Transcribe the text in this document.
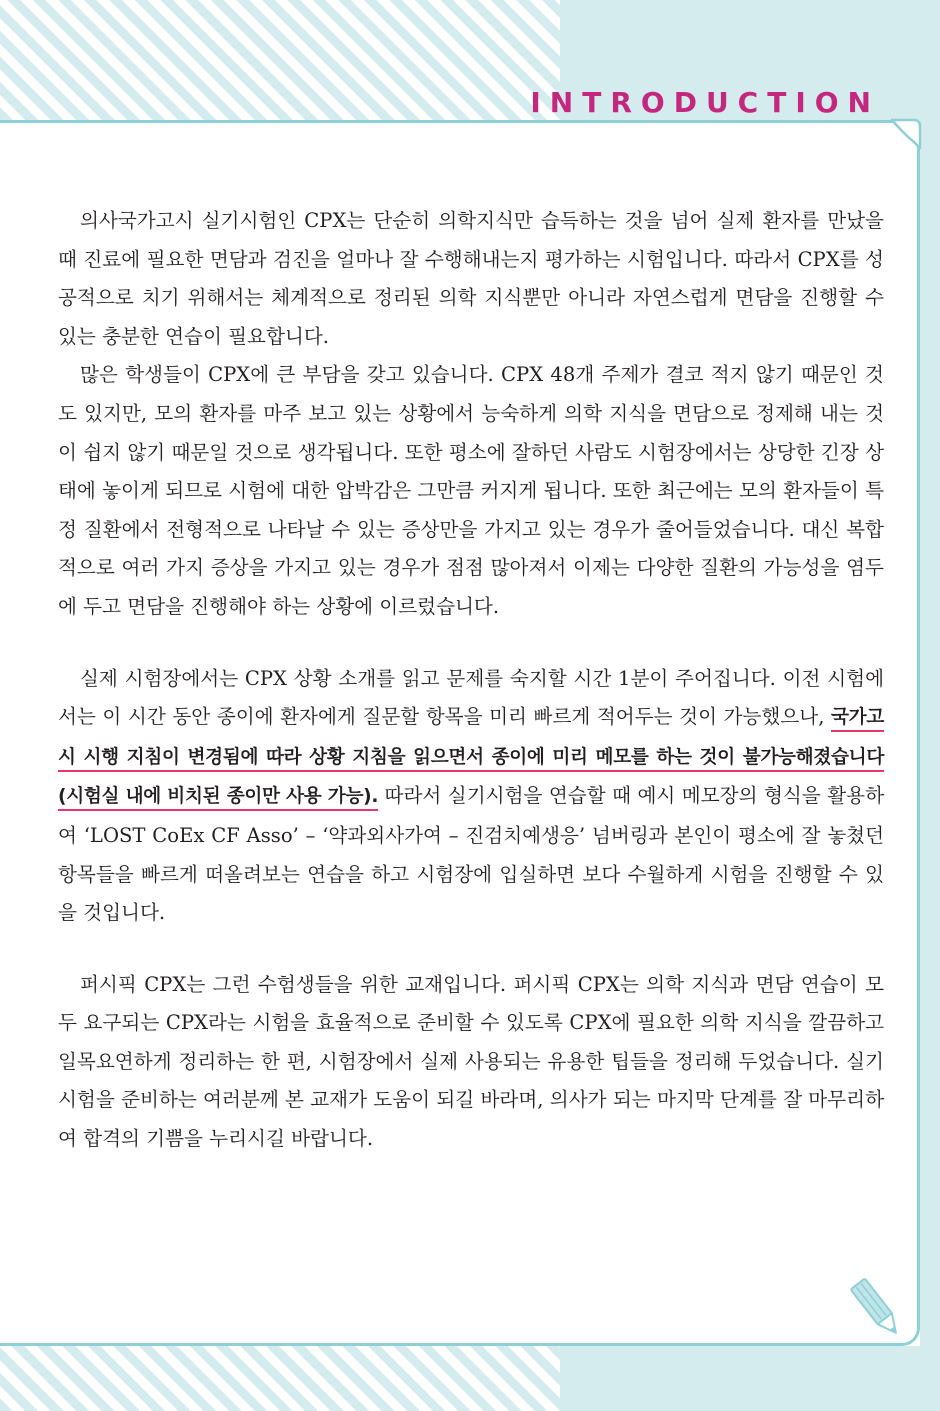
INTRODUCTION

의사국가고시 실기시험인 CPX는 단순히 의학지식만 습득하는 것을 넘어 실제 환자를 만났을 때 진료에 필요한 면담과 검진을 얼마나 잘 수행해내는지 평가하는 시험입니다. 따라서 CPX를 성공적으로 치기 위해서는 체계적으로 정리된 의학 지식뿐만 아니라 자연스럽게 면담을 진행할 수 있는 충분한 연습이 필요합니다.

많은 학생들이 CPX에 큰 부담을 갖고 있습니다. CPX 48개 주제가 결코 적지 않기 때문인 것도 있지만, 모의 환자를 마주 보고 있는 상황에서 능숙하게 의학 지식을 면담으로 정제해 내는 것이 쉽지 않기 때문일 것으로 생각됩니다. 또한 평소에 잘하던 사람도 시험장에서는 상당한 긴장 상태에 놓이게 되므로 시험에 대한 압박감은 그만큼 커지게 됩니다. 또한 최근에는 모의 환자들이 특정 질환에서 전형적으로 나타날 수 있는 증상만을 가지고 있는 경우가 줄어들었습니다. 대신 복합적으로 여러 가지 증상을 가지고 있는 경우가 점점 많아져서 이제는 다양한 질환의 가능성을 염두에 두고 면담을 진행해야 하는 상황에 이르렀습니다.

실제 시험장에서는 CPX 상황 소개를 읽고 문제를 숙지할 시간 1분이 주어집니다. 이전 시험에서는 이 시간 동안 종이에 환자에게 질문할 항목을 미리 빠르게 적어두는 것이 가능했으나, 국가고시 시행 지침이 변경됨에 따라 상황 지침을 읽으면서 종이에 미리 메모를 하는 것이 불가능해졌습니다(시험실 내에 비치된 종이만 사용 가능). 따라서 실기시험을 연습할 때 예시 메모장의 형식을 활용하여 ‘LOST CoEx CF Asso’ – ‘약과외사가여 – 진검치예생응’ 넘버링과 본인이 평소에 잘 놓쳤던 항목들을 빠르게 떠올려보는 연습을 하고 시험장에 입실하면 보다 수월하게 시험을 진행할 수 있을 것입니다.

퍼시픽 CPX는 그런 수험생들을 위한 교재입니다. 퍼시픽 CPX는 의학 지식과 면담 연습이 모두 요구되는 CPX라는 시험을 효율적으로 준비할 수 있도록 CPX에 필요한 의학 지식을 깔끔하고 일목요연하게 정리하는 한 편, 시험장에서 실제 사용되는 유용한 팁들을 정리해 두었습니다. 실기시험을 준비하는 여러분께 본 교재가 도움이 되길 바라며, 의사가 되는 마지막 단계를 잘 마무리하여 합격의 기쁨을 누리시길 바랍니다.
